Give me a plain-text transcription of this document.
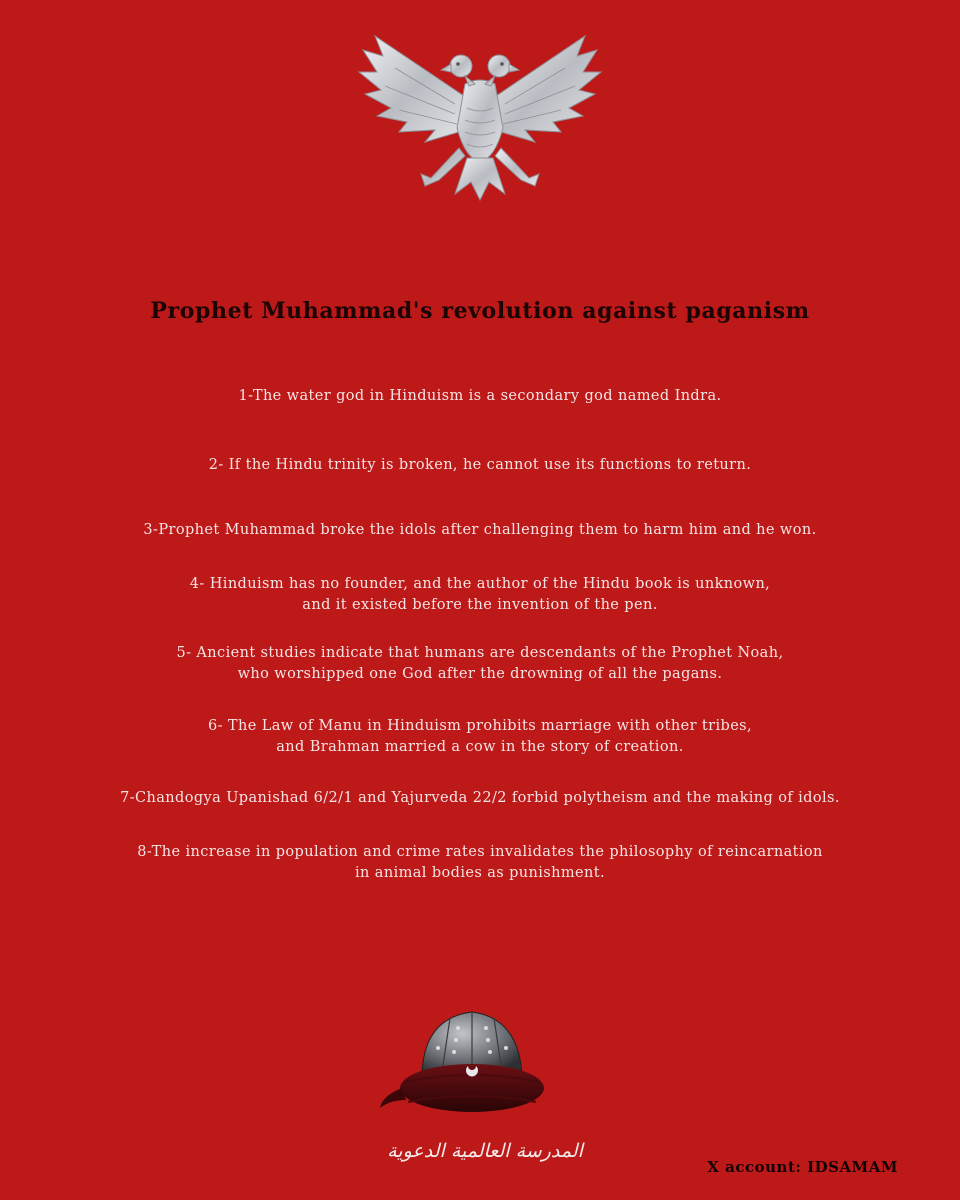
Prophet Muhammad's revolution against paganism
1-The water god in Hinduism is a secondary god named Indra.
2- If the Hindu trinity is broken, he cannot use its functions to return.
3-Prophet Muhammad broke the idols after challenging them to harm him and he won.
4- Hinduism has no founder, and the author of the Hindu book is unknown,
and it existed before the invention of the pen.
5- Ancient studies indicate that humans are descendants of the Prophet Noah,
who worshipped one God after the drowning of all the pagans.
6- The Law of Manu in Hinduism prohibits marriage with other tribes,
and Brahman married a cow in the story of creation.
7-Chandogya Upanishad 6/2/1 and Yajurveda 22/2 forbid polytheism and the making of idols.
8-The increase in population and crime rates invalidates the philosophy of reincarnation
in animal bodies as punishment.
المدرسة العالمية الدعوية
X account: IDSAMAM
